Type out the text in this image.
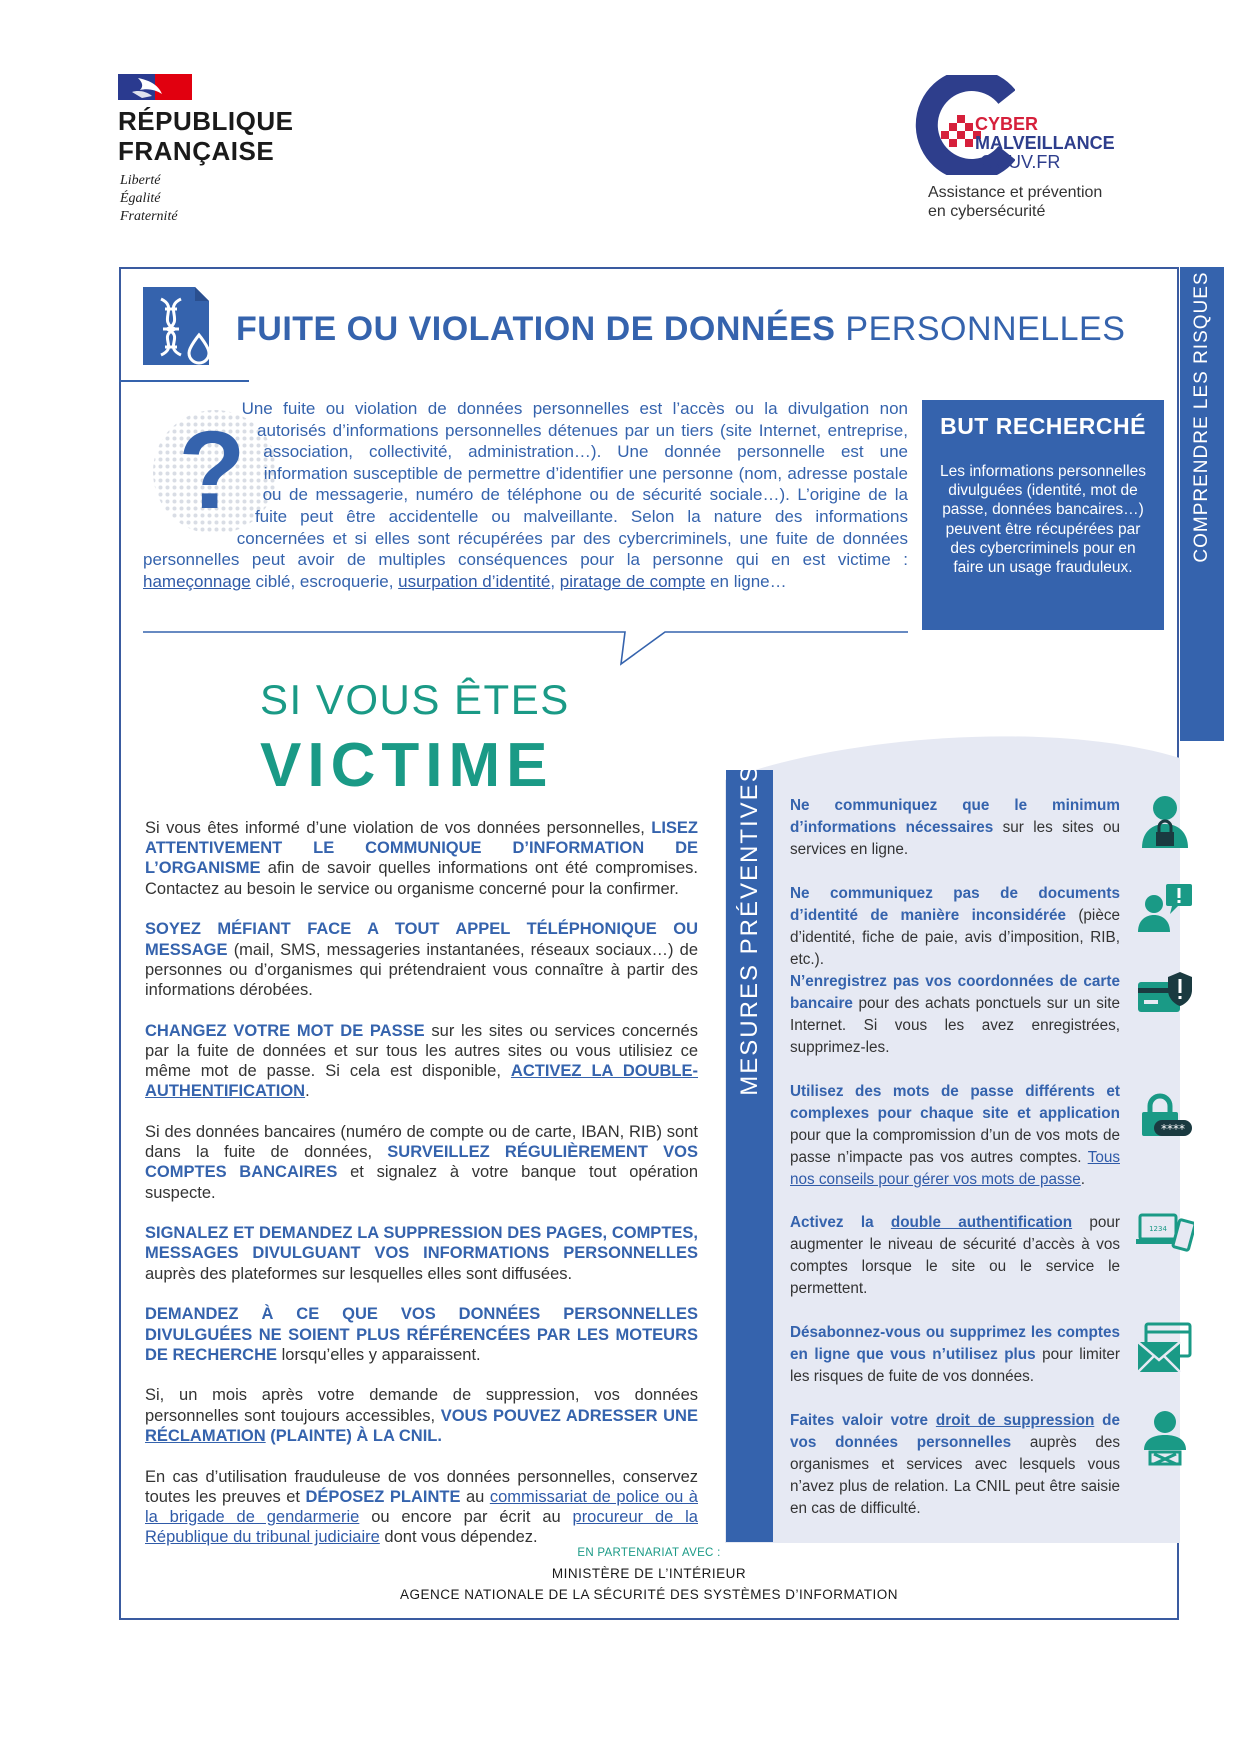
RÉPUBLIQUE
FRANÇAISE
Liberté
Égalité
Fraternité
CYBER
MALVEILLANCE
.GOUV.FR
Assistance et prévention
en cybersécurité
COMPRENDRE LES RISQUES
FUITE OU VIOLATION DE DONNÉES PERSONNELLES
?
Une fuite ou violation de données personnelles est l’accès ou la divulgation non autorisés d’informations personnelles détenues par un tiers (site Internet, entreprise, association, collectivité, administration…). Une donnée personnelle est une information susceptible de permettre d’identifier une personne (nom, adresse postale ou de messagerie, numéro de téléphone ou de sécurité sociale…). L’origine de la fuite peut être accidentelle ou malveillante. Selon la nature des informations concernées et si elles sont récupérées par des cybercriminels, une fuite de données personnelles peut avoir de multiples conséquences pour la personne qui en est victime : hameçonnage ciblé, escroquerie, usurpation d’identité, piratage de compte en ligne…
BUT RECHERCHÉ
Les informations personnelles divulguées (identité, mot de passe, données bancaires…) peuvent être récupérées par des cybercriminels pour en faire un usage frauduleux.
SI VOUS ÊTES
VICTIME

Si vous êtes informé d’une violation de vos données personnelles, LISEZ ATTENTIVEMENT LE COMMUNIQUE D’INFORMATION DE L’ORGANISME afin de savoir quelles informations ont été compromises. Contactez au besoin le service ou organisme concerné pour la confirmer.

SOYEZ MÉFIANT FACE A TOUT APPEL TÉLÉPHONIQUE OU MESSAGE (mail, SMS, messageries instantanées, réseaux sociaux…) de personnes ou d’organismes qui prétendraient vous connaître à partir des informations dérobées.

CHANGEZ VOTRE MOT DE PASSE sur les sites ou services concernés par la fuite de données et sur tous les autres sites ou vous utilisiez ce même mot de passe. Si cela est disponible, ACTIVEZ LA DOUBLE-AUTHENTIFICATION.

Si des données bancaires (numéro de compte ou de carte, IBAN, RIB) sont dans la fuite de données, SURVEILLEZ RÉGULIÈREMENT VOS COMPTES BANCAIRES et signalez à votre banque tout opération suspecte.

SIGNALEZ ET DEMANDEZ LA SUPPRESSION DES PAGES, COMPTES, MESSAGES DIVULGUANT VOS INFORMATIONS PERSONNELLES auprès des plateformes sur lesquelles elles sont diffusées.

DEMANDEZ À CE QUE VOS DONNÉES PERSONNELLES DIVULGUÉES NE SOIENT PLUS RÉFÉRENCÉES PAR LES MOTEURS DE RECHERCHE lorsqu’elles y apparaissent.

Si, un mois après votre demande de suppression, vos données personnelles sont toujours accessibles, VOUS POUVEZ ADRESSER UNE RÉCLAMATION (PLAINTE) À LA CNIL.

En cas d’utilisation frauduleuse de vos données personnelles, conservez toutes les preuves et DÉPOSEZ PLAINTE au commissariat de police ou à la brigade de gendarmerie ou encore par écrit au procureur de la République du tribunal judiciaire dont vous dépendez.

MESURES PRÉVENTIVES Ne communiquez que le minimum d’informations nécessaires sur les sites ou services en ligne.
Ne communiquez pas de documents d’identité de manière inconsidérée (pièce d’identité, fiche de paie, avis d’imposition, RIB, etc.).
N’enregistrez pas vos coordonnées de carte bancaire pour des achats ponctuels sur un site Internet. Si vous les avez enregistrées, supprimez-les.
Utilisez des mots de passe différents et complexes pour chaque site et application pour que la compromission d’un de vos mots de passe n’impacte pas vos autres comptes. Tous nos conseils pour gérer vos mots de passe.
Activez la double authentification pour augmenter le niveau de sécurité d’accès à vos comptes lorsque le site ou le service le permettent.
Désabonnez-vous ou supprimez les comptes en ligne que vous n’utilisez plus pour limiter les risques de fuite de vos données.
Faites valoir votre droit de suppression de vos données personnelles auprès des organismes et services avec lesquels vous n’avez plus de relation. La CNIL peut être saisie en cas de difficulté.
****
1234
EN PARTENARIAT AVEC :
MINISTÈRE DE L’INTÉRIEUR
AGENCE NATIONALE DE LA SÉCURITÉ DES SYSTÈMES D’INFORMATION
